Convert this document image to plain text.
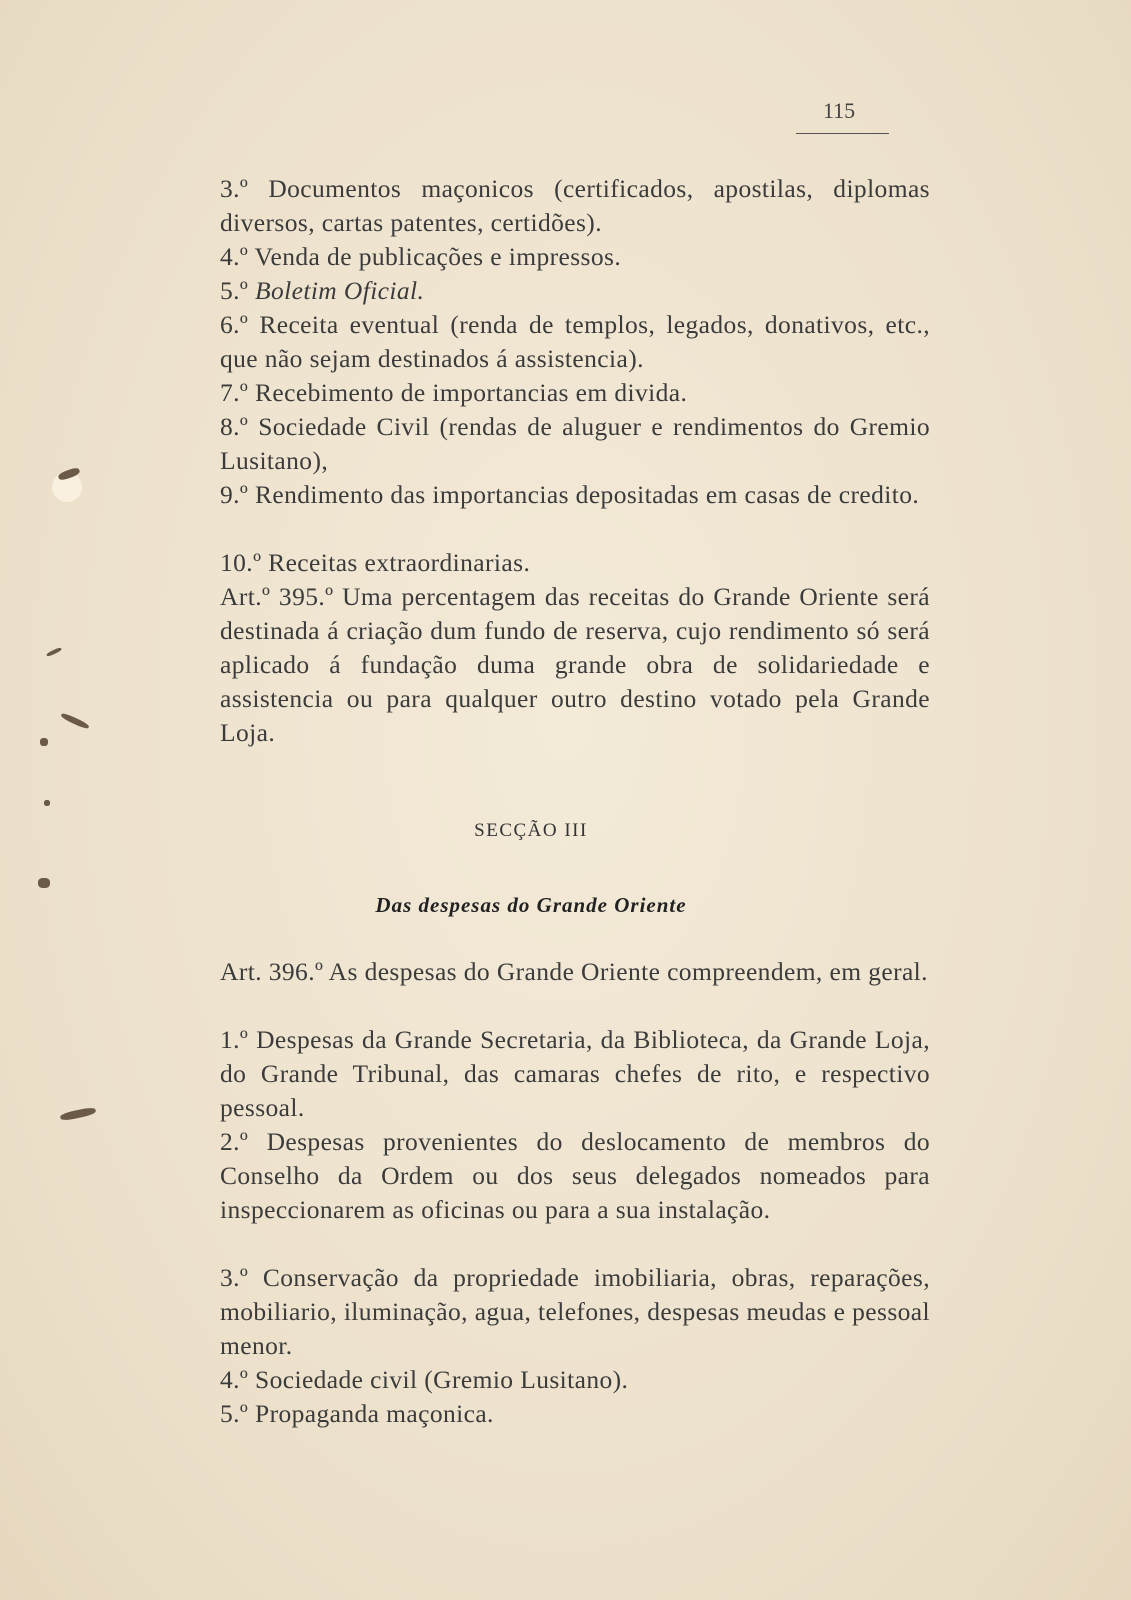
115

3.º Documentos maçonicos (certificados, apostilas, diplomas diversos, cartas patentes, certidões).

4.º Venda de publicações e impressos.

5.º Boletim Oficial.

6.º Receita eventual (renda de templos, legados, donativos, etc., que não sejam destinados á assistencia).

7.º Recebimento de importancias em divida.

8.º Sociedade Civil (rendas de aluguer e rendimentos do Gremio Lusitano),

9.º Rendimento das importancias depositadas em casas de credito.

10.º Receitas extraordinarias.

Art.º 395.º Uma percentagem das receitas do Grande Oriente será destinada á criação dum fundo de reserva, cujo rendimento só será aplicado á fundação duma grande obra de solidariedade e assistencia ou para qualquer outro destino votado pela Grande Loja.

SECÇÃO III
Das despesas do Grande Oriente

Art. 396.º As despesas do Grande Oriente compreendem, em geral.

1.º Despesas da Grande Secretaria, da Biblioteca, da Grande Loja, do Grande Tribunal, das camaras chefes de rito, e respectivo pessoal.

2.º Despesas provenientes do deslocamento de membros do Conselho da Ordem ou dos seus delegados nomeados para inspeccionarem as oficinas ou para a sua instalação.

3.º Conservação da propriedade imobiliaria, obras, reparações, mobiliario, iluminação, agua, telefones, despesas meudas e pessoal menor.

4.º Sociedade civil (Gremio Lusitano).

5.º Propaganda maçonica.
